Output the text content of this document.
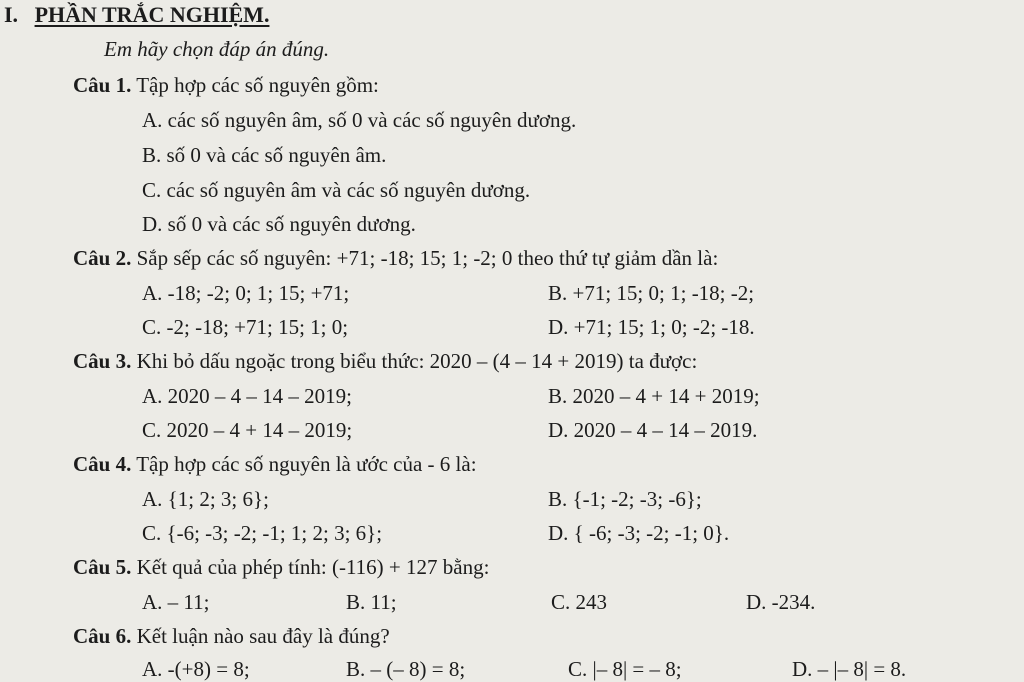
I. PHẦN TRẮC NGHIỆM.
Em hãy chọn đáp án đúng.
Câu 1. Tập hợp các số nguyên gồm:
A. các số nguyên âm, số 0 và các số nguyên dương.
B. số 0 và các số nguyên âm.
C. các số nguyên âm và các số nguyên dương.
D. số 0 và các số nguyên dương.
Câu 2. Sắp sếp các số nguyên: +71; -18; 15; 1; -2; 0 theo thứ tự giảm dần là:
A. -18; -2; 0; 1; 15; +71;	B. +71; 15; 0; 1; -18; -2;
C. -2; -18; +71; 15; 1; 0;	D. +71; 15; 1; 0; -2; -18.
Câu 3. Khi bỏ dấu ngoặc trong biểu thức: 2020 – (4 – 14 + 2019) ta được:
A. 2020 – 4 – 14 – 2019;	B. 2020 – 4 + 14 + 2019;
C. 2020 – 4 + 14 – 2019;	D. 2020 – 4 – 14 – 2019.
Câu 4. Tập hợp các số nguyên là ước của - 6 là:
A. {1; 2; 3; 6};	B. {-1; -2; -3; -6};
C. {-6; -3; -2; -1; 1; 2; 3; 6};	D. { -6; -3; -2; -1; 0}.
Câu 5. Kết quả của phép tính: (-116) + 127 bằng:
A. – 11;	B. 11;	C. 243	D. -234.
Câu 6. Kết luận nào sau đây là đúng?
A. -(+8) = 8;	B. – (– 8) = 8;	C. |– 8| = – 8;	D. – |– 8| = 8.
